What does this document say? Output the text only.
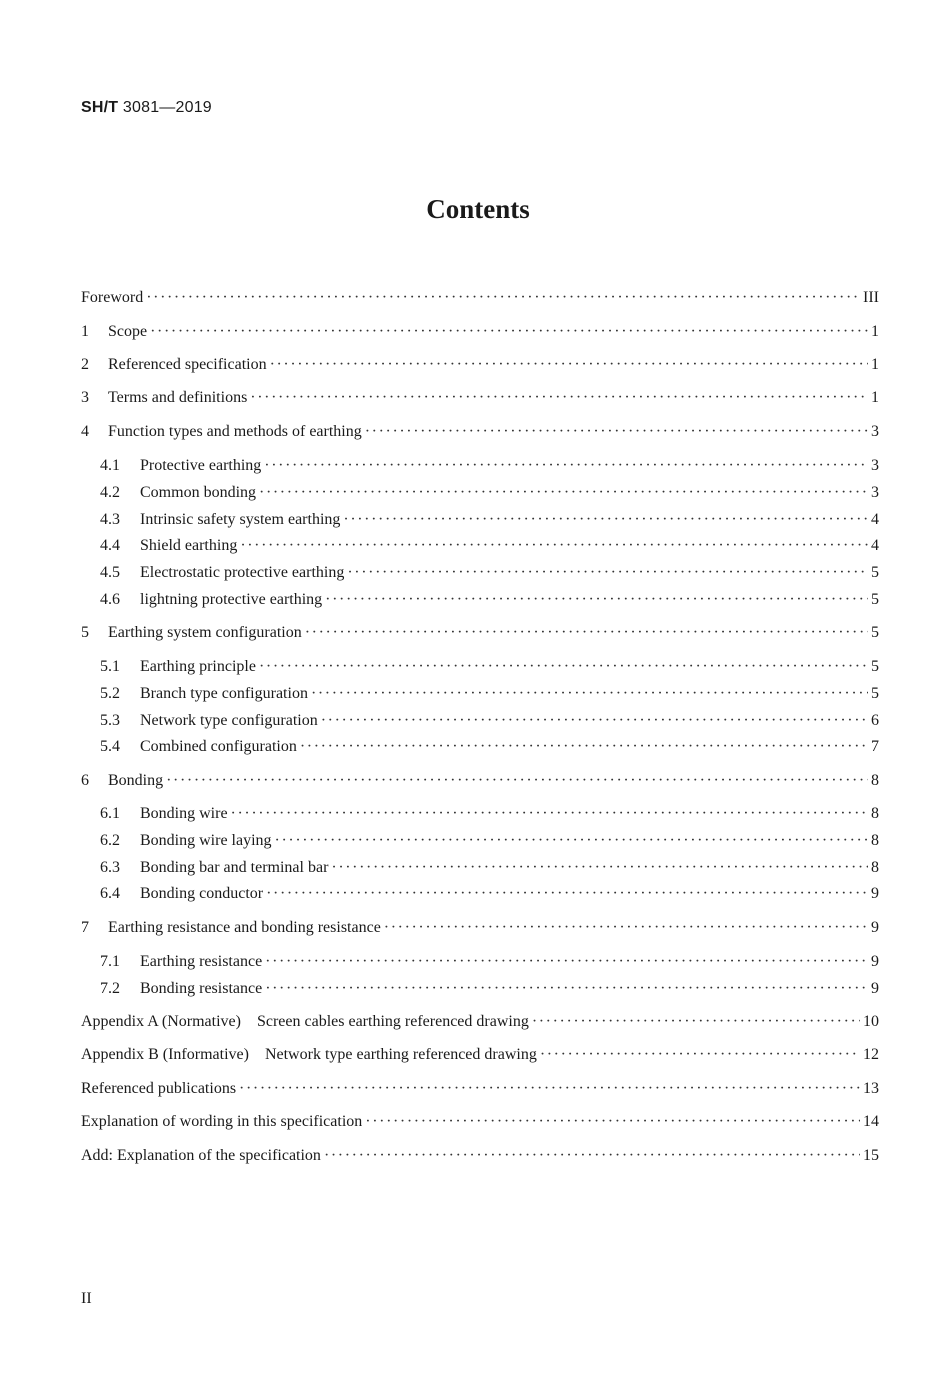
SH/T 3081—2019
Contents
Foreword ·····	III
1	Scope ·····	1
2	Referenced specification ·····	1
3	Terms and definitions ·····	1
4	Function types and methods of earthing ·····	3
4.1	Protective earthing ·····	3
4.2	Common bonding ·····	3
4.3	Intrinsic safety system earthing ·····	4
4.4	Shield earthing ·····	4
4.5	Electrostatic protective earthing ·····	5
4.6	lightning protective earthing ·····	5
5	Earthing system configuration ·····	5
5.1	Earthing principle ·····	5
5.2	Branch type configuration ·····	5
5.3	Network type configuration ·····	6
5.4	Combined configuration ·····	7
6	Bonding ·····	8
6.1	Bonding wire ·····	8
6.2	Bonding wire laying ·····	8
6.3	Bonding bar and terminal bar ·····	8
6.4	Bonding conductor ·····	9
7	Earthing resistance and bonding resistance ·····	9
7.1	Earthing resistance ·····	9
7.2	Bonding resistance ·····	9
Appendix A (Normative)    Screen cables earthing referenced drawing ·····	10
Appendix B (Informative)    Network type earthing referenced drawing ·····	12
Referenced publications ·····	13
Explanation of wording in this specification ·····	14
Add: Explanation of the specification ·····	15
II
